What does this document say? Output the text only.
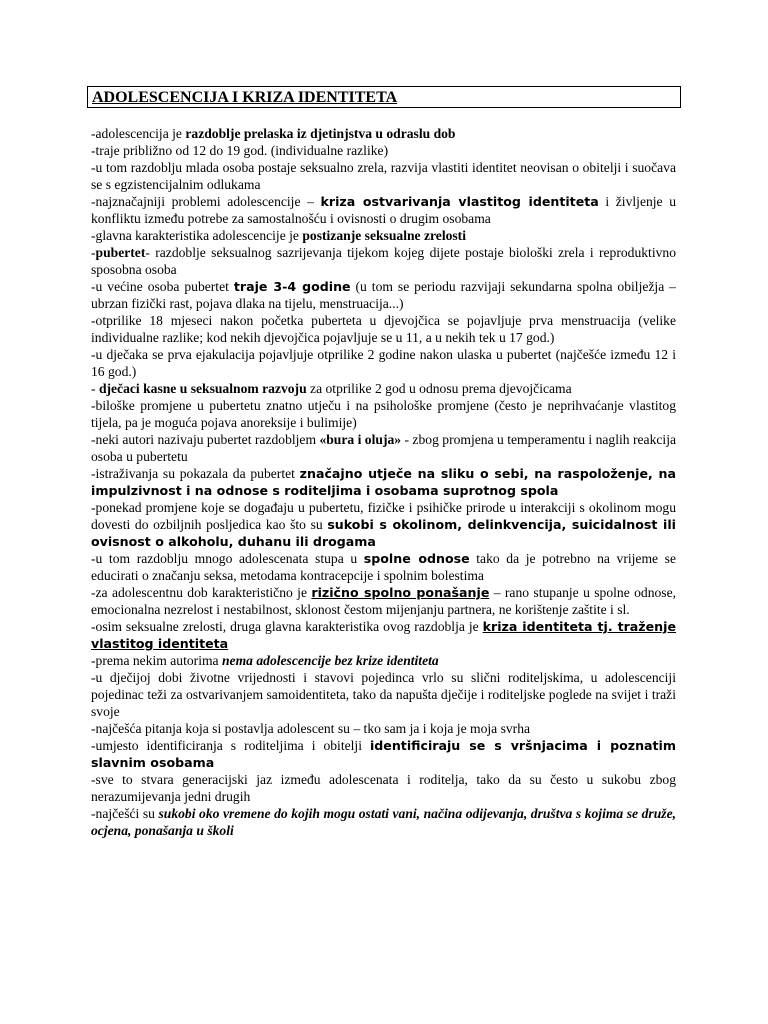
ADOLESCENCIJA I KRIZA IDENTITETA

-adolescencija je razdoblje prelaska iz djetinjstva u odraslu dob

-traje približno od 12 do 19 god. (individualne razlike)

-u tom razdoblju mlada osoba postaje seksualno zrela, razvija vlastiti identitet neovisan o obitelji i suočava se s egzistencijalnim odlukama

-najznačajniji problemi adolescencije – kriza ostvarivanja vlastitog identiteta i življenje u konfliktu između potrebe za samostalnošću i ovisnosti o drugim osobama

-glavna karakteristika adolescencije je postizanje seksualne zrelosti

-pubertet- razdoblje seksualnog sazrijevanja tijekom kojeg dijete postaje biološki zrela i reproduktivno sposobna osoba

-u većine osoba pubertet traje 3-4 godine (u tom se periodu razvijaji sekundarna spolna obilježja – ubrzan fizički rast, pojava dlaka na tijelu, menstruacija...)

-otprilike 18 mjeseci nakon početka puberteta u djevojčica se pojavljuje prva menstruacija (velike individualne razlike; kod nekih djevojčica pojavljuje se u 11, a u nekih tek u 17 god.)

-u dječaka se prva ejakulacija pojavljuje otprilike 2 godine nakon ulaska u pubertet (najčešće između 12 i 16 god.)

- dječaci kasne u seksualnom razvoju za otprilike 2 god u odnosu prema djevojčicama

-biloške promjene u pubertetu znatno utječu i na psihološke promjene (često je neprihvaćanje vlastitog tijela, pa je moguća pojava anoreksije i bulimije)

-neki autori nazivaju pubertet razdobljem «bura i oluja» - zbog promjena u temperamentu i naglih reakcija osoba u pubertetu

-istraživanja su pokazala da pubertet značajno utječe na sliku o sebi, na raspoloženje, na impulzivnost i na odnose s roditeljima i osobama suprotnog spola

-ponekad promjene koje se događaju u pubertetu, fizičke i psihičke prirode u interakciji s okolinom mogu dovesti do ozbiljnih posljedica kao što su sukobi s okolinom, delinkvencija, suicidalnost ili ovisnost o alkoholu, duhanu ili drogama

-u tom razdoblju mnogo adolescenata stupa u spolne odnose tako da je potrebno na vrijeme se educirati o značanju seksa, metodama kontracepcije i spolnim bolestima

-za adolescentnu dob karakteristično je rizično spolno ponašanje – rano stupanje u spolne odnose, emocionalna nezrelost i nestabilnost, sklonost čestom mijenjanju partnera, ne korištenje zaštite i sl.

-osim seksualne zrelosti, druga glavna karakteristika ovog razdoblja je kriza identiteta tj. traženje vlastitog identiteta

-prema nekim autorima nema adolescencije bez krize identiteta

-u dječijoj dobi životne vrijednosti i stavovi pojedinca vrlo su slični roditeljskima, u adolescenciji pojedinac teži za ostvarivanjem samoidentiteta, tako da napušta dječije i roditeljske poglede na svijet i traži svoje

-najčešća pitanja koja si postavlja adolescent su – tko sam ja i koja je moja svrha

-umjesto identificiranja s roditeljima i obitelji identificiraju se s vršnjacima i poznatim slavnim osobama

-sve to stvara generacijski jaz između adolescenata i roditelja, tako da su često u sukobu zbog nerazumijevanja jedni drugih

-najčešći su sukobi oko vremene do kojih mogu ostati vani, načina odijevanja, društva s kojima se druže, ocjena, ponašanja u školi
